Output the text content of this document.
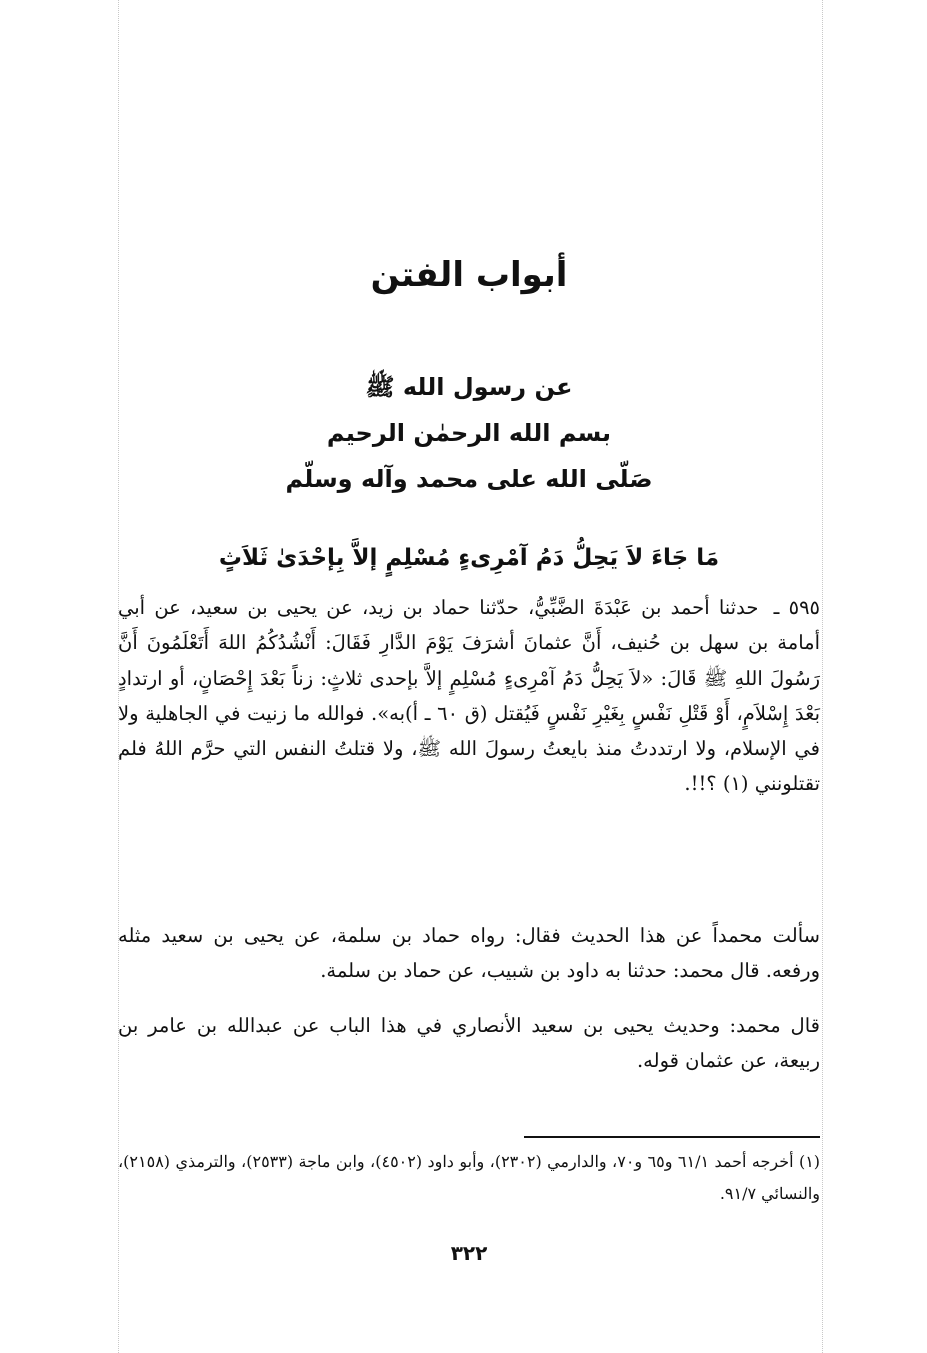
أبواب الفتن
عن رسول الله ﷺ
بسم الله الرحمٰن الرحيم
صَلّى الله على محمد وآله وسلّم
مَا جَاءَ لاَ يَحِلُّ دَمُ آمْرِىءٍ مُسْلِمٍ إلاَّ بِإحْدَىٰ ثَلاَثٍ
٥٩٥ ـ حدثنا أحمد بن عَبْدَةَ الضَّبِّيُّ، حدّثنا حماد بن زيد، عن يحيى بن سعيد، عن أبي أمامة بن سهل بن حُنيف، أَنَّ عثمانَ أشرَفَ يَوْمَ الدَّارِ فَقَالَ: أَنْشُدُكُمُ اللهَ أَتَعْلَمُونَ أَنَّ رَسُولَ اللهِ ﷺ قَالَ: «لاَ يَحِلُّ دَمُ آمْرِىءٍ مُسْلِمٍ إلاَّ بإحدى ثلاثٍ: زناً بَعْدَ إِحْصَانٍ، أو ارتدادٍ بَعْدَ إِسْلاَمٍ، أَوْ قَتْلِ نَفْسٍ بِغَيْرِ نَفْسٍ فَيُقتل (ق ٦٠ ـ أ)به». فوالله ما زنيت في الجاهلية ولا في الإسلام، ولا ارتددتُ منذ بايعتُ رسولَ الله ﷺ، ولا قتلتُ النفس التي حرَّم اللهُ فلم تقتلونني (١) ؟!!.
سألت محمداً عن هذا الحديث فقال: رواه حماد بن سلمة، عن يحيى بن سعيد مثله ورفعه. قال محمد: حدثنا به داود بن شبيب، عن حماد بن سلمة.
قال محمد: وحديث يحيى بن سعيد الأنصاري في هذا الباب عن عبدالله بن عامر بن ربيعة، عن عثمان قوله.
(١) أخرجه أحمد ٦١/١ و٦٥ و٧٠، والدارمي (٢٣٠٢)، وأبو داود (٤٥٠٢)، وابن ماجة (٢٥٣٣)، والترمذي (٢١٥٨)، والنسائي ٩١/٧.
٣٢٢
